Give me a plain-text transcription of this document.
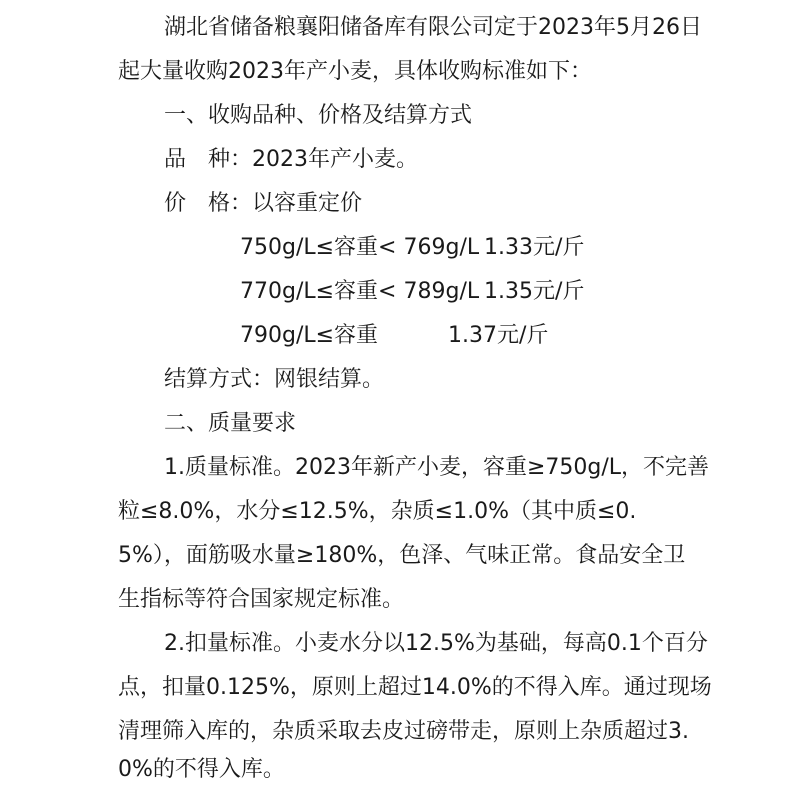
湖北省储备粮襄阳储备库有限公司定于2023年5月26日
起大量收购2023年产小麦，具体收购标准如下：
一、收购品种、价格及结算方式
品　种：2023年产小麦。
价　格：以容重定价
750g/L≤容重< 769g/L 1.33元/斤
770g/L≤容重< 789g/L 1.35元/斤
790g/L≤容重	1.37元/斤
结算方式：网银结算。
二、质量要求
1.质量标准。2023年新产小麦，容重≥750g/L，不完善
粒≤8.0%，水分≤12.5%，杂质≤1.0%（其中质≤0.
5%），面筋吸水量≥180%，色泽、气味正常。食品安全卫
生指标等符合国家规定标准。
2.扣量标准。小麦水分以12.5%为基础，每高0.1个百分
点，扣量0.125%，原则上超过14.0%的不得入库。通过现场
清理筛入库的，杂质采取去皮过磅带走，原则上杂质超过3.
0%的不得入库。
